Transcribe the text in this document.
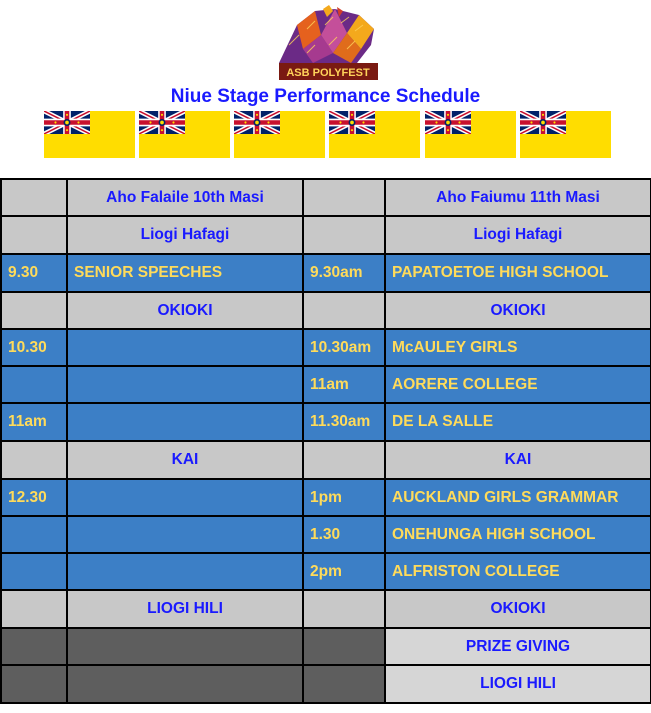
ASB POLYFEST
Niue Stage Performance Schedule
	Aho Falaile 10th Masi		Aho Faiumu 11th Masi
	Liogi Hafagi		Liogi Hafagi
9.30	SENIOR SPEECHES	9.30am	PAPATOETOE HIGH SCHOOL
	OKIOKI		OKIOKI
10.30		10.30am	McAULEY GIRLS
		11am	AORERE COLLEGE
11am		11.30am	DE LA SALLE
	KAI		KAI
12.30		1pm	AUCKLAND GIRLS GRAMMAR
		1.30	ONEHUNGA HIGH SCHOOL
		2pm	ALFRISTON COLLEGE
	LIOGI HILI		OKIOKI
			PRIZE GIVING
			LIOGI HILI
